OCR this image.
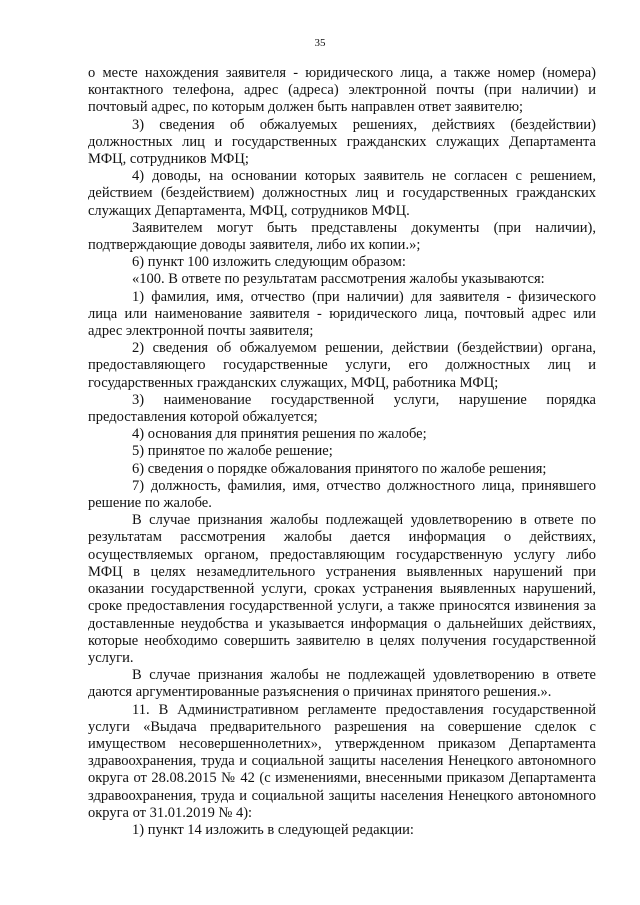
35

о месте нахождения заявителя - юридического лица, а также номер (номера) контактного телефона, адрес (адреса) электронной почты (при наличии) и почтовый адрес, по которым должен быть направлен ответ заявителю;

3) сведения об обжалуемых решениях, действиях (бездействии) должностных лиц и государственных гражданских служащих Департамента МФЦ, сотрудников МФЦ;

4) доводы, на основании которых заявитель не согласен с решением, действием (бездействием) должностных лиц и государственных гражданских служащих Департамента, МФЦ, сотрудников МФЦ.

Заявителем могут быть представлены документы (при наличии), подтверждающие доводы заявителя, либо их копии.»;

6) пункт 100 изложить следующим образом:

«100. В ответе по результатам рассмотрения жалобы указываются:

1) фамилия, имя, отчество (при наличии) для заявителя - физического лица или наименование заявителя - юридического лица, почтовый адрес или адрес электронной почты заявителя;

2) сведения об обжалуемом решении, действии (бездействии) органа, предоставляющего государственные услуги, его должностных лиц и государственных гражданских служащих, МФЦ, работника МФЦ;

3) наименование государственной услуги, нарушение порядка предоставления которой обжалуется;

4) основания для принятия решения по жалобе;

5) принятое по жалобе решение;

6) сведения о порядке обжалования принятого по жалобе решения;

7) должность, фамилия, имя, отчество должностного лица, принявшего решение по жалобе.

В случае признания жалобы подлежащей удовлетворению в ответе по результатам рассмотрения жалобы дается информация о действиях, осуществляемых органом, предоставляющим государственную услугу либо МФЦ в целях незамедлительного устранения выявленных нарушений при оказании государственной услуги, сроках устранения выявленных нарушений, сроке предоставления государственной услуги, а также приносятся извинения за доставленные неудобства и указывается информация о дальнейших действиях, которые необходимо совершить заявителю в целях получения государственной услуги.

В случае признания жалобы не подлежащей удовлетворению в ответе даются аргументированные разъяснения о причинах принятого решения.».

11. В Административном регламенте предоставления государственной услуги «Выдача предварительного разрешения на совершение сделок с имуществом несовершеннолетних», утвержденном приказом Департамента здравоохранения, труда и социальной защиты населения Ненецкого автономного округа от 28.08.2015 № 42 (с изменениями, внесенными приказом Департамента здравоохранения, труда и социальной защиты населения Ненецкого автономного округа от 31.01.2019 № 4):

1) пункт 14 изложить в следующей редакции:
